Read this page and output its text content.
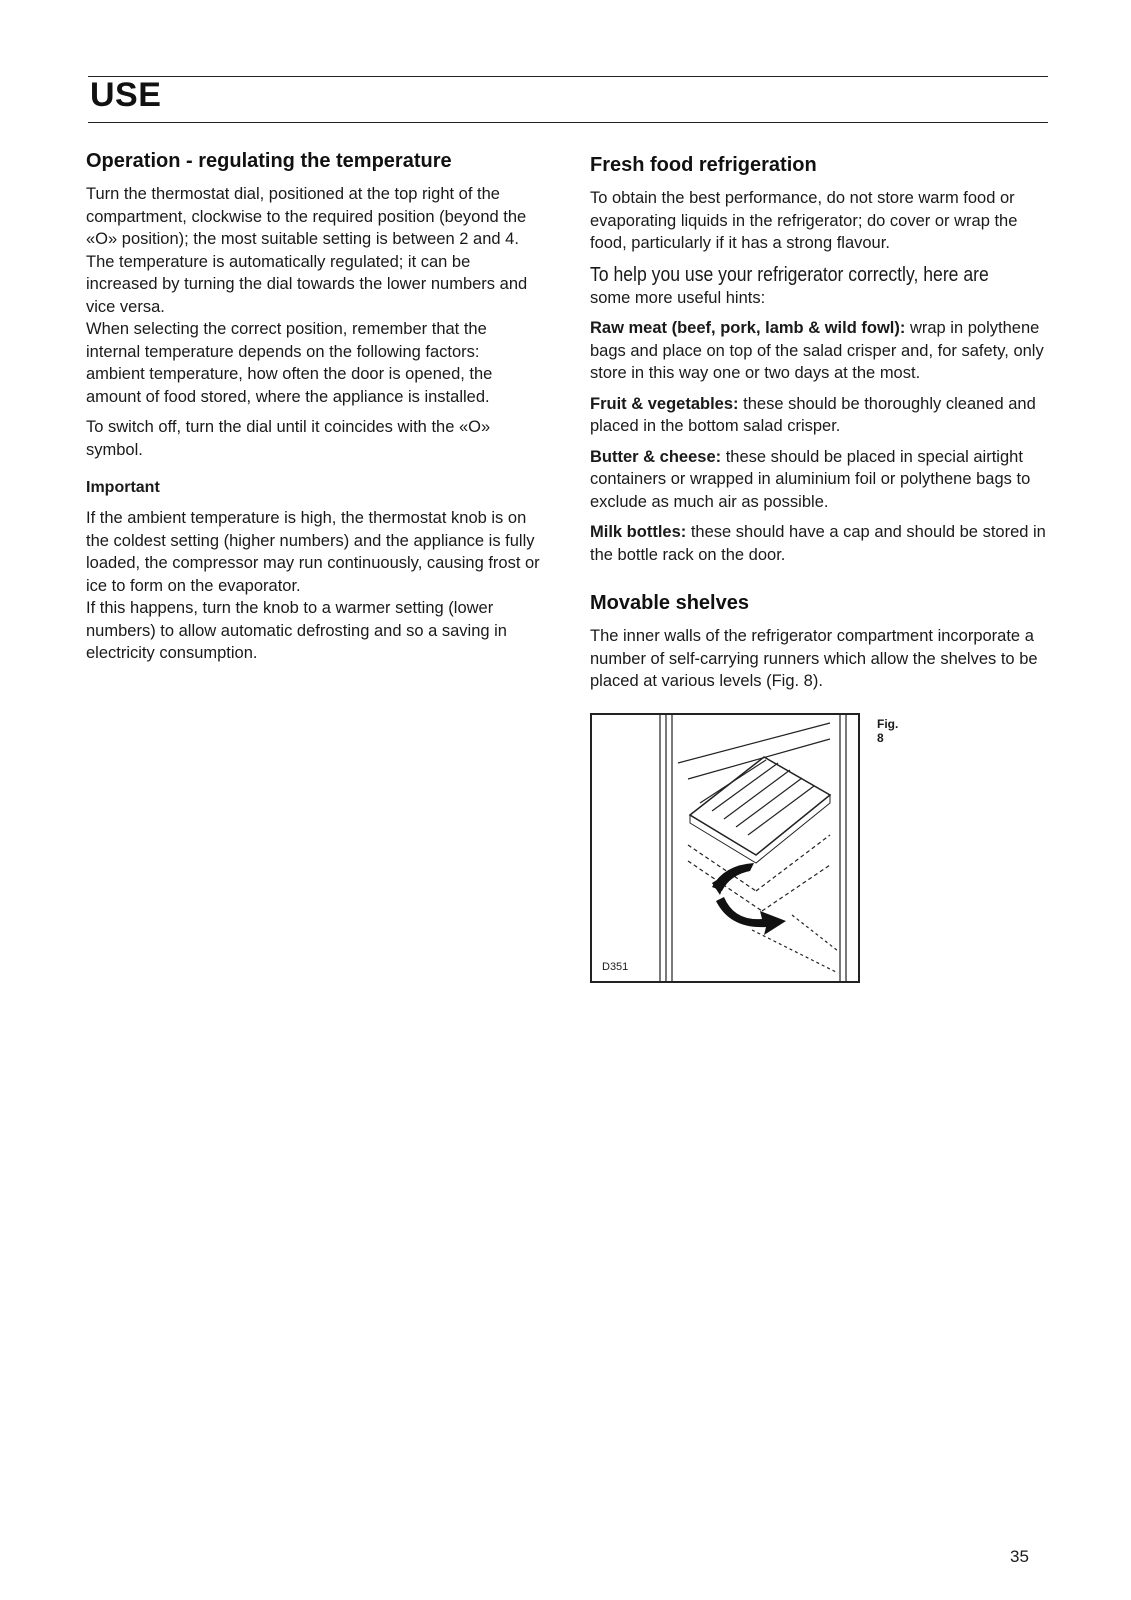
USE
Operation - regulating the temperature

Turn the thermostat dial, positioned at the top right of the compartment, clockwise to the required position (beyond the «O» position); the most suitable setting is between 2 and 4.

The temperature is automatically regulated; it can be increased by turning the dial towards the lower numbers and vice versa.

When selecting the correct position, remember that the internal temperature depends on the following factors: ambient temperature, how often the door is opened, the amount of food stored, where the appliance is installed.

To switch off, turn the dial until it coincides with the «O» symbol.

Important

If the ambient temperature is high, the thermostat knob is on the coldest setting (higher numbers) and the appliance is fully loaded, the compressor may run continuously, causing frost or ice to form on the evaporator.

If this happens, turn the knob to a warmer setting (lower numbers) to allow automatic defrosting and so a saving in electricity consumption.

Fresh food refrigeration

To obtain the best performance, do not store warm food or evaporating liquids in the refrigerator; do cover or wrap the food, particularly if it has a strong flavour.

To help you use your refrigerator correctly, here are

some more useful hints:

Raw meat (beef, pork, lamb & wild fowl): wrap in polythene bags and place on top of the salad crisper and, for safety, only store in this way one or two days at the most.

Fruit & vegetables: these should be thoroughly cleaned and placed in the bottom salad crisper.

Butter & cheese: these should be placed in special airtight containers or wrapped in aluminium foil or polythene bags to exclude as much air as possible.

Milk bottles: these should have a cap and should be stored in the bottle rack on the door.

Movable shelves

The inner walls of the refrigerator compartment incorporate a number of self-carrying runners which allow the shelves to be placed at various levels (Fig. 8).

Fig. 8
D351
35
